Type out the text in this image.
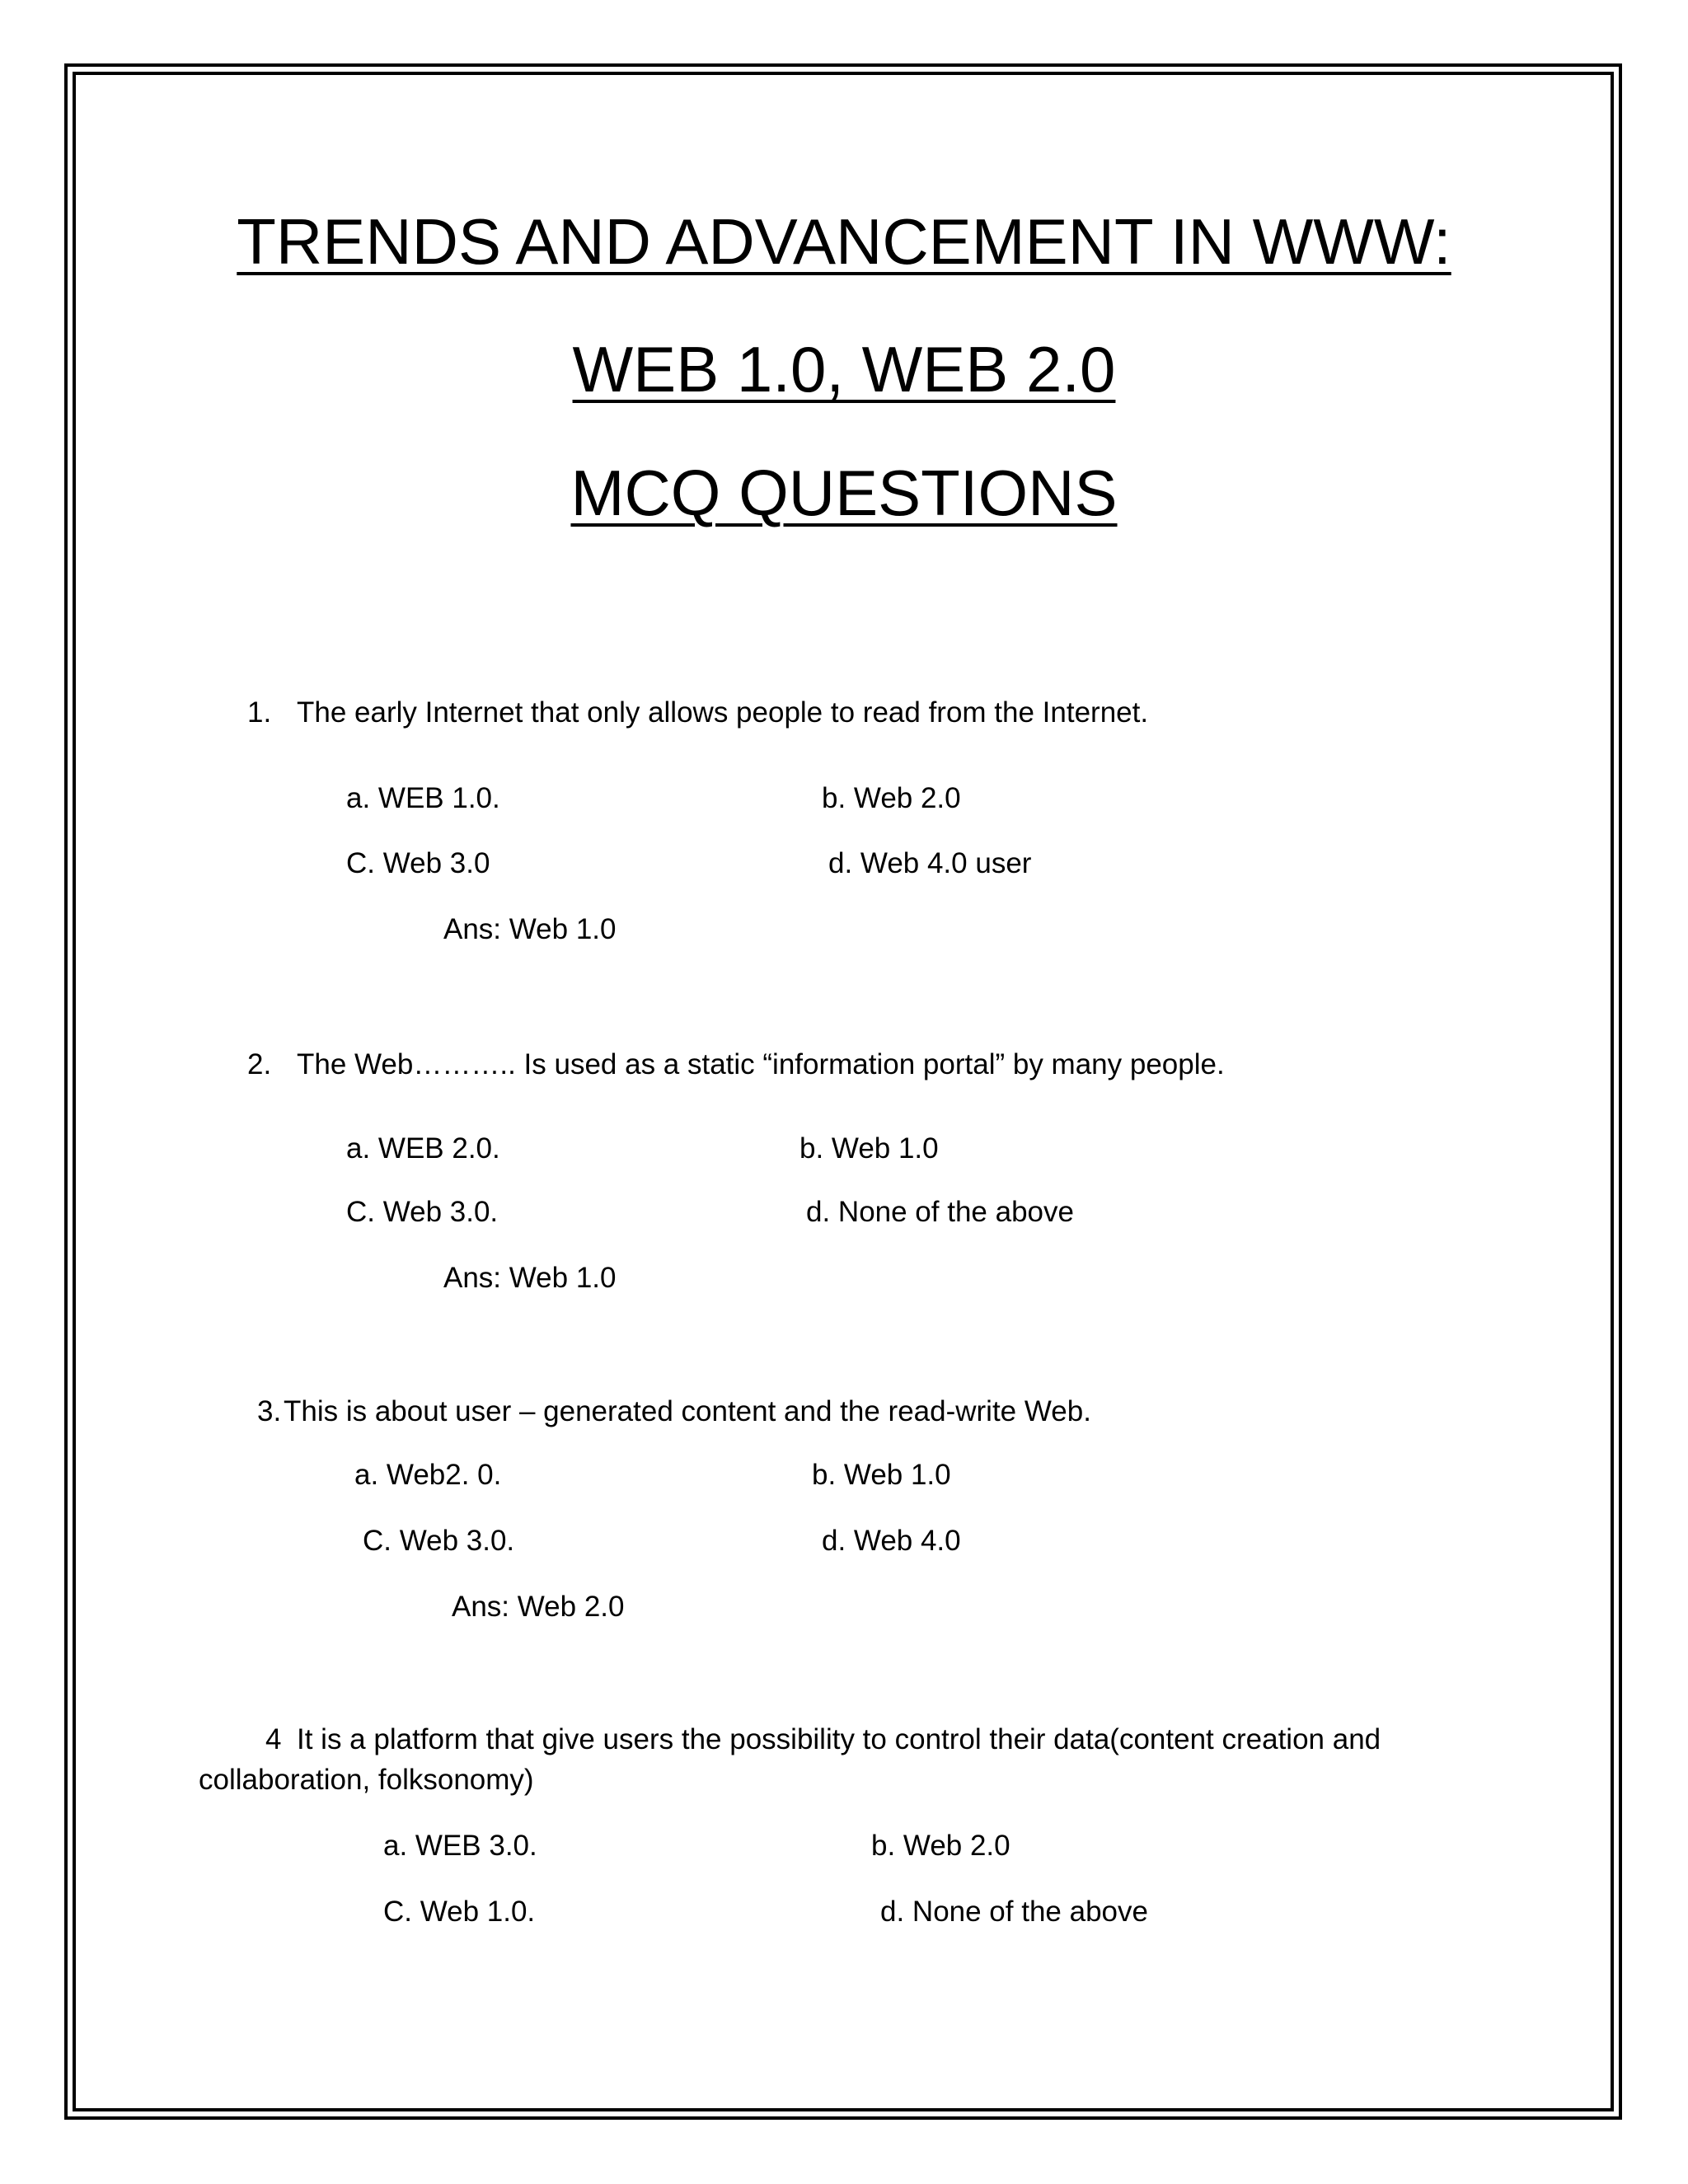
TRENDS AND ADVANCEMENT IN WWW:
WEB 1.0, WEB 2.0
MCQ QUESTIONS
1. The early Internet that only allows people to read from the Internet.
a. WEB 1.0.	b. Web 2.0
C. Web 3.0	d. Web 4.0 user
Ans: Web 1.0
2. The Web……….. Is used as a static “information portal” by many people.
a. WEB 2.0.	b. Web 1.0
C. Web 3.0.	d. None of the above
Ans: Web 1.0
3. This is about user – generated content and the read-write Web.
a. Web2. 0.	b. Web 1.0
C. Web 3.0.	d. Web 4.0
Ans: Web 2.0
4 It is a platform that give users the possibility to control their data(content creation and
collaboration, folksonomy)
a. WEB 3.0.	b. Web 2.0
C. Web 1.0.	d. None of the above
